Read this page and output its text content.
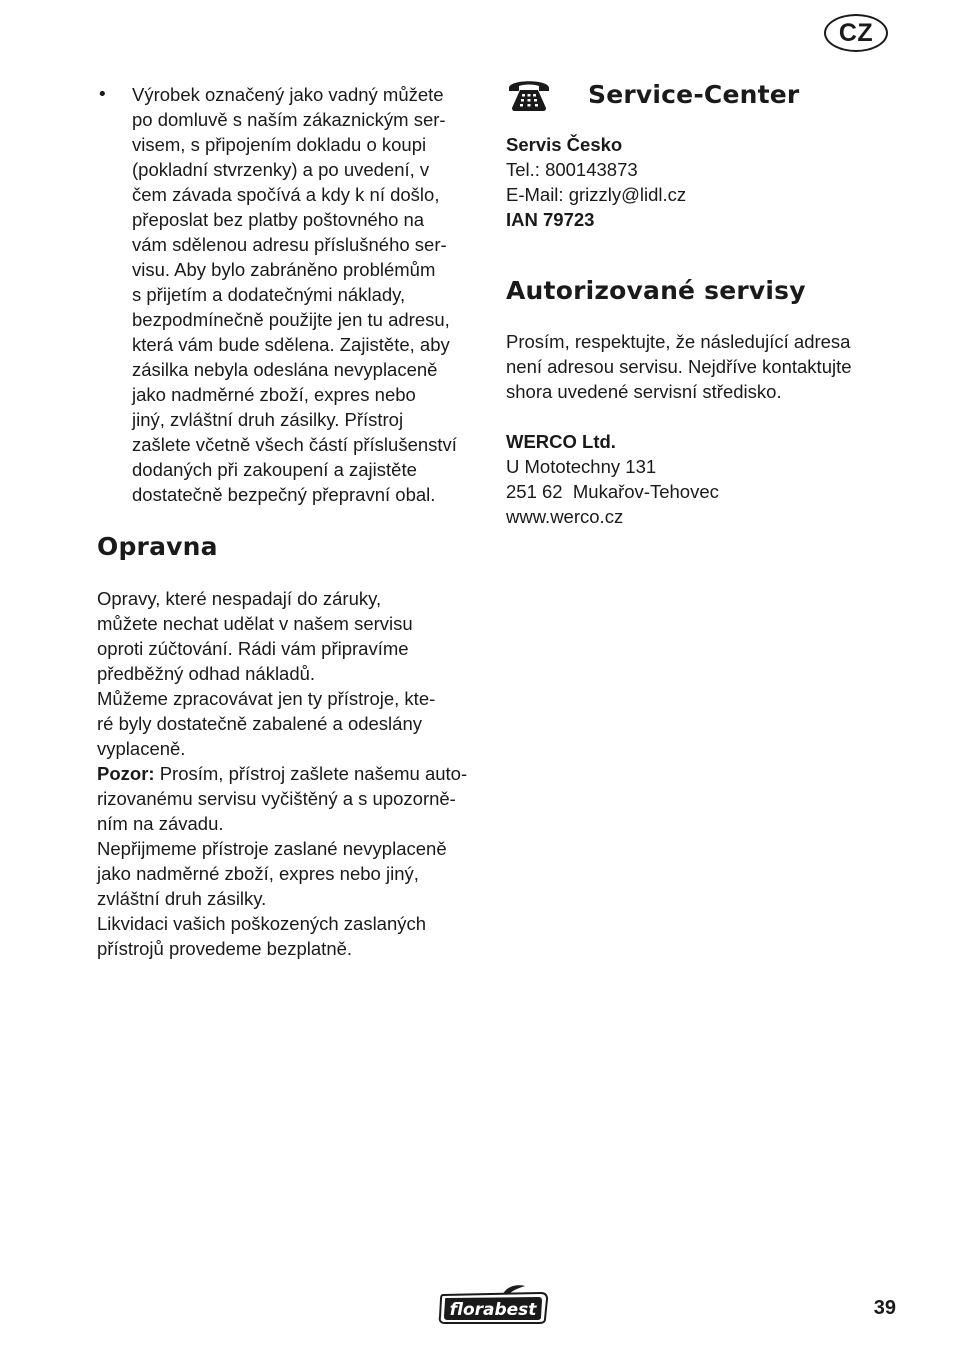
CZ
• Výrobek označený jako vadný můžete
po domluvě s naším zákaznickým ser-
visem, s připojením dokladu o koupi
(pokladní stvrzenky) a po uvedení, v
čem závada spočívá a kdy k ní došlo,
přeposlat bez platby poštovného na
vám sdělenou adresu příslušného ser-
visu. Aby bylo zabráněno problémům
s přijetím a dodatečnými náklady,
bezpodmínečně použijte jen tu adresu,
která vám bude sdělena. Zajistěte, aby
zásilka nebyla odeslána nevyplaceně
jako nadměrné zboží, expres nebo
jiný, zvláštní druh zásilky. Přístroj
zašlete včetně všech částí příslušenství
dodaných při zakoupení a zajistěte
dostatečně bezpečný přepravní obal.

Opravna

Opravy, které nespadají do záruky,
můžete nechat udělat v našem servisu
oproti zúčtování. Rádi vám připravíme
předběžný odhad nákladů.
Můžeme zpracovávat jen ty přístroje, kte-
ré byly dostatečně zabalené a odeslány
vyplaceně.
Pozor: Prosím, přístroj zašlete našemu auto-
rizovanému servisu vyčištěný a s upozorně-
ním na závadu.
Nepřijmeme přístroje zaslané nevyplaceně
jako nadměrné zboží, expres nebo jiný,
zvláštní druh zásilky.
Likvidaci vašich poškozených zaslaných
přístrojů provedeme bezplatně.

Service-Center

Servis Česko
Tel.: 800143873
E-Mail: grizzly@lidl.cz
IAN 79723

Autorizované servisy

Prosím, respektujte, že následující adresa
není adresou servisu. Nejdříve kontaktujte
shora uvedené servisní středisko.

WERCO Ltd.
U Mototechny 131
251 62  Mukařov-Tehovec
www.werco.cz

florabest	39
